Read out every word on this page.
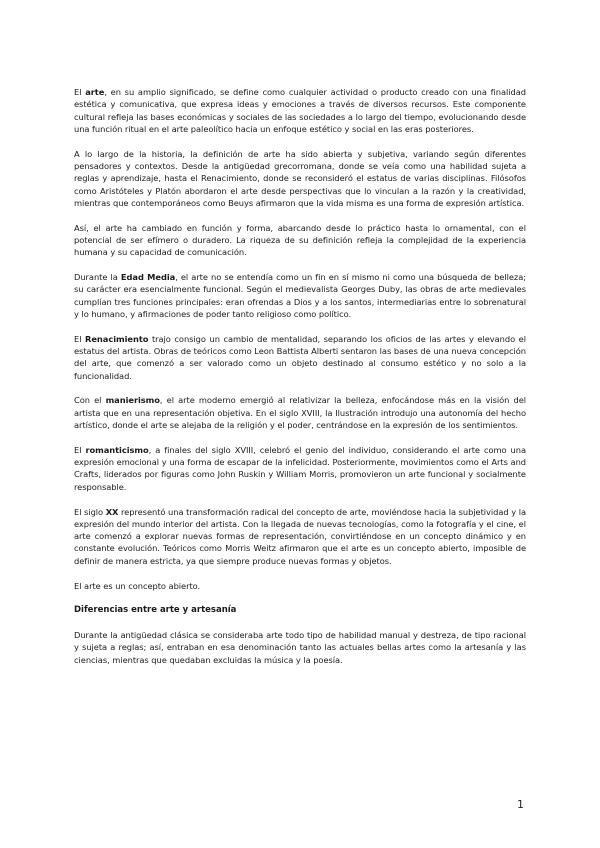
El arte, en su amplio significado, se define como cualquier actividad o producto creado con una finalidad estética y comunicativa, que expresa ideas y emociones a través de diversos recursos. Este componente cultural refleja las bases económicas y sociales de las sociedades a lo largo del tiempo, evolucionando desde una función ritual en el arte paleolítico hacia un enfoque estético y social en las eras posteriores.

A lo largo de la historia, la definición de arte ha sido abierta y subjetiva, variando según diferentes pensadores y contextos. Desde la antigüedad grecorromana, donde se veía como una habilidad sujeta a reglas y aprendizaje, hasta el Renacimiento, donde se reconsideró el estatus de varias disciplinas. Filósofos como Aristóteles y Platón abordaron el arte desde perspectivas que lo vinculan a la razón y la creatividad, mientras que contemporáneos como Beuys afirmaron que la vida misma es una forma de expresión artística.

Así, el arte ha cambiado en función y forma, abarcando desde lo práctico hasta lo ornamental, con el potencial de ser efímero o duradero. La riqueza de su definición refleja la complejidad de la experiencia humana y su capacidad de comunicación.

Durante la Edad Media, el arte no se entendía como un fin en sí mismo ni como una búsqueda de belleza; su carácter era esencialmente funcional. Según el medievalista Georges Duby, las obras de arte medievales cumplían tres funciones principales: eran ofrendas a Dios y a los santos, intermediarias entre lo sobrenatural y lo humano, y afirmaciones de poder tanto religioso como político.

El Renacimiento trajo consigo un cambio de mentalidad, separando los oficios de las artes y elevando el estatus del artista. Obras de teóricos como Leon Battista Alberti sentaron las bases de una nueva concepción del arte, que comenzó a ser valorado como un objeto destinado al consumo estético y no solo a la funcionalidad.

Con el manierismo, el arte moderno emergió al relativizar la belleza, enfocándose más en la visión del artista que en una representación objetiva. En el siglo XVIII, la Ilustración introdujo una autonomía del hecho artístico, donde el arte se alejaba de la religión y el poder, centrándose en la expresión de los sentimientos.

El romanticismo, a finales del siglo XVIII, celebró el genio del individuo, considerando el arte como una expresión emocional y una forma de escapar de la infelicidad. Posteriormente, movimientos como el Arts and Crafts, liderados por figuras como John Ruskin y William Morris, promovieron un arte funcional y socialmente responsable.

El siglo XX representó una transformación radical del concepto de arte, moviéndose hacia la subjetividad y la expresión del mundo interior del artista. Con la llegada de nuevas tecnologías, como la fotografía y el cine, el arte comenzó a explorar nuevas formas de representación, convirtiéndose en un concepto dinámico y en constante evolución. Teóricos como Morris Weitz afirmaron que el arte es un concepto abierto, imposible de definir de manera estricta, ya que siempre produce nuevas formas y objetos.

El arte es un concepto abierto.

Diferencias entre arte y artesanía

Durante la antigüedad clásica se consideraba arte todo tipo de habilidad manual y destreza, de tipo racional y sujeta a reglas; así, entraban en esa denominación tanto las actuales bellas artes como la artesanía y las ciencias, mientras que quedaban excluidas la música y la poesía.

1
